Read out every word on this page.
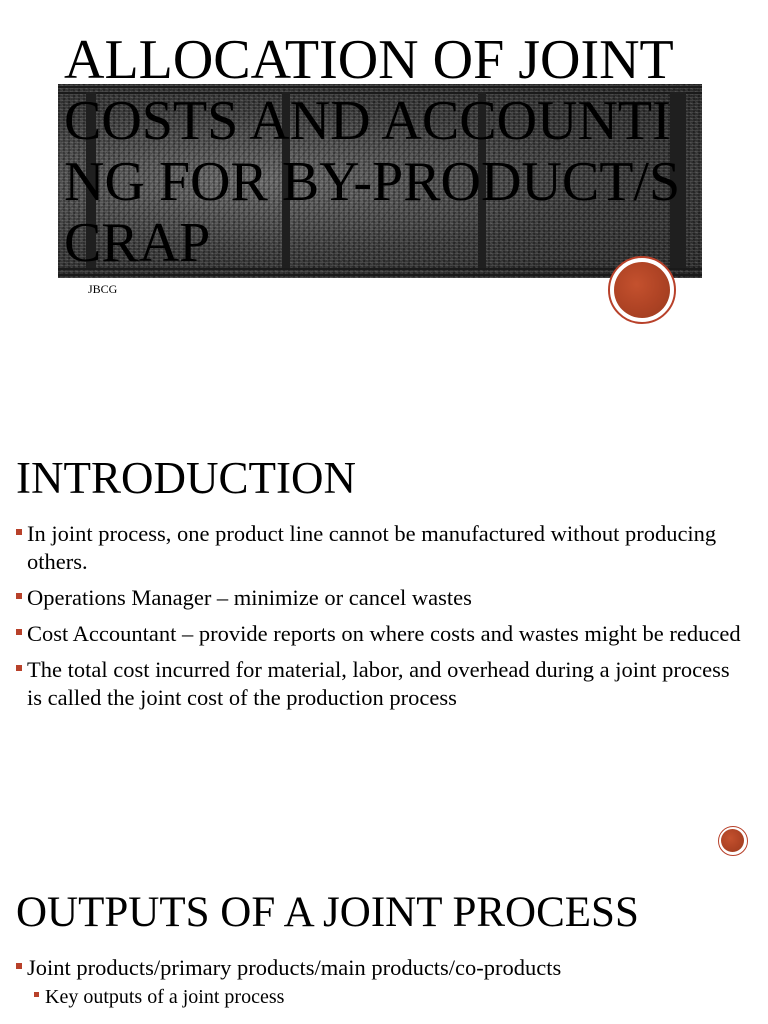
ALLOCATION OF JOINT COSTS AND ACCOUNTING FOR BY-PRODUCT/SCRAP

JBCG

INTRODUCTION
In joint process, one product line cannot be manufactured without producing others.
Operations Manager – minimize or cancel wastes
Cost Accountant – provide reports on where costs and wastes might be reduced
The total cost incurred for material, labor, and overhead during a joint process is called the joint cost of the production process
OUTPUTS OF A JOINT PROCESS
Joint products/primary products/main products/co-products
Key outputs of a joint process
